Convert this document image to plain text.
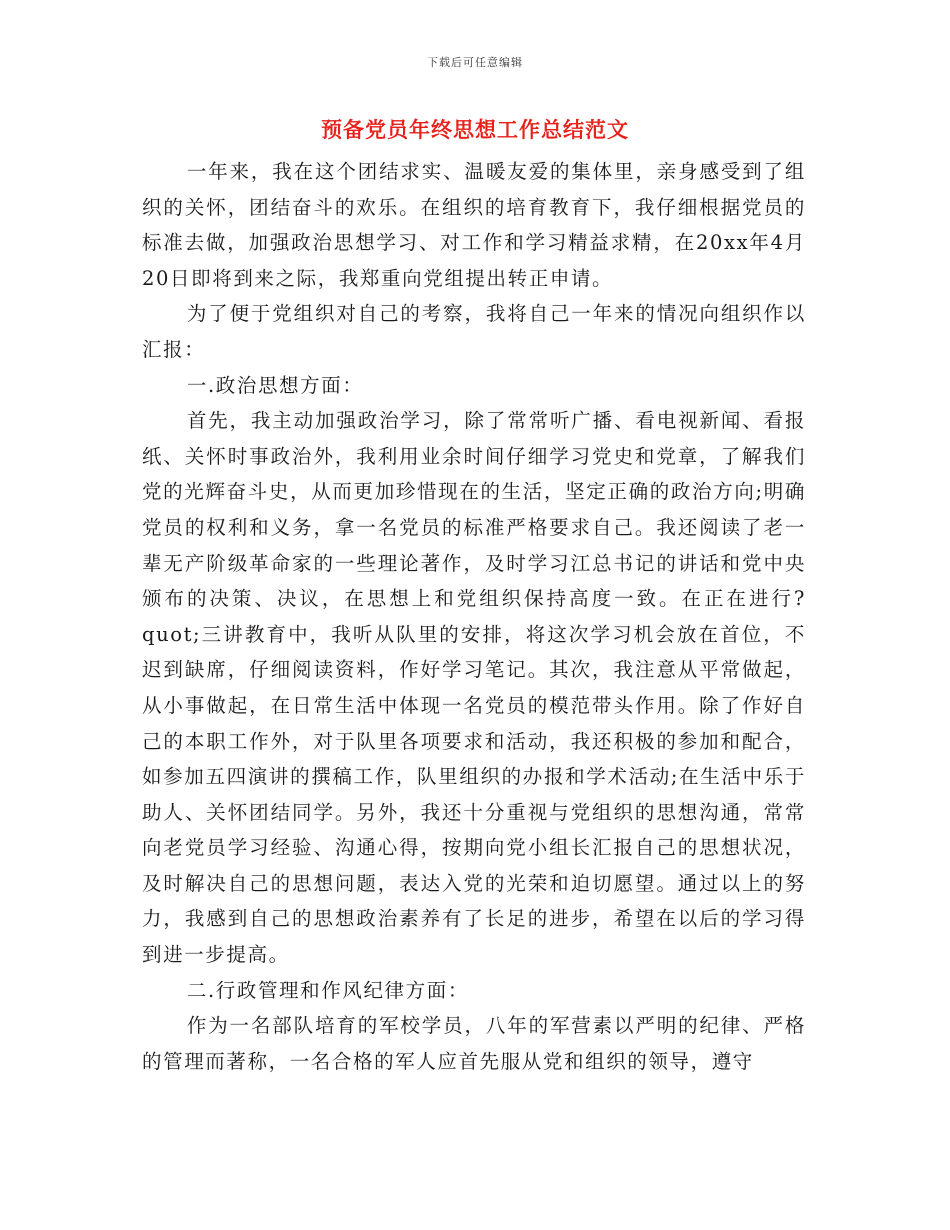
下载后可任意编辑
预备党员年终思想工作总结范文

一年来，我在这个团结求实、温暖友爱的集体里，亲身感受到了组织的关怀，团结奋斗的欢乐。在组织的培育教育下，我仔细根据党员的标准去做，加强政治思想学习、对工作和学习精益求精，在20xx年4月20日即将到来之际，我郑重向党组提出转正申请。

为了便于党组织对自己的考察，我将自己一年来的情况向组织作以汇报：

一.政治思想方面：

首先，我主动加强政治学习，除了常常听广播、看电视新闻、看报纸、关怀时事政治外，我利用业余时间仔细学习党史和党章，了解我们党的光辉奋斗史，从而更加珍惜现在的生活，坚定正确的政治方向;明确党员的权利和义务，拿一名党员的标准严格要求自己。我还阅读了老一辈无产阶级革命家的一些理论著作，及时学习江总书记的讲话和党中央颁布的决策、决议，在思想上和党组织保持高度一致。在正在进行?quot;三讲教育中，我听从队里的安排，将这次学习机会放在首位，不迟到缺席，仔细阅读资料，作好学习笔记。其次，我注意从平常做起，从小事做起，在日常生活中体现一名党员的模范带头作用。除了作好自己的本职工作外，对于队里各项要求和活动，我还积极的参加和配合，如参加五四演讲的撰稿工作，队里组织的办报和学术活动;在生活中乐于助人、关怀团结同学。另外，我还十分重视与党组织的思想沟通，常常向老党员学习经验、沟通心得，按期向党小组长汇报自己的思想状况，及时解决自己的思想问题，表达入党的光荣和迫切愿望。通过以上的努力，我感到自己的思想政治素养有了长足的进步，希望在以后的学习得到进一步提高。

二.行政管理和作风纪律方面：

作为一名部队培育的军校学员，八年的军营素以严明的纪律、严格的管理而著称，一名合格的军人应首先服从党和组织的领导，遵守
